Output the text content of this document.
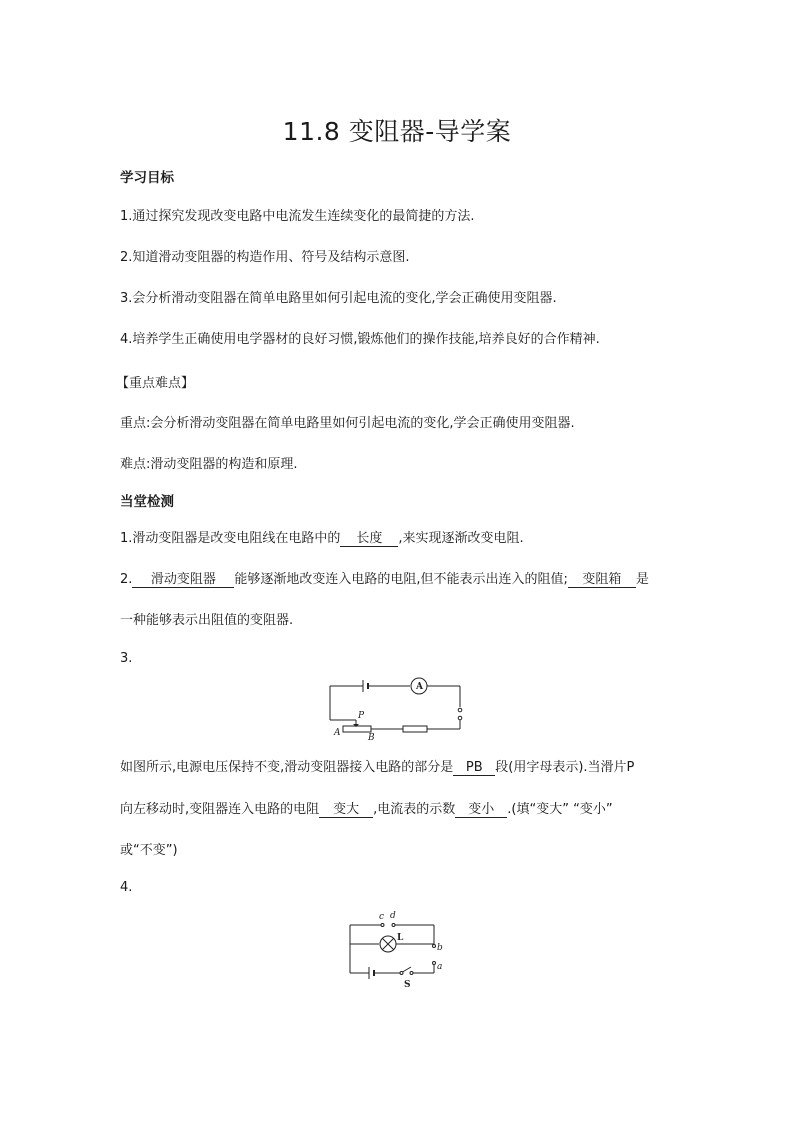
11.8 变阻器-导学案
学习目标
1.通过探究发现改变电路中电流发生连续变化的最简捷的方法.
2.知道滑动变阻器的构造作用、符号及结构示意图.
3.会分析滑动变阻器在简单电路里如何引起电流的变化,学会正确使用变阻器.
4.培养学生正确使用电学器材的良好习惯,锻炼他们的操作技能,培养良好的合作精神.
【重点难点】
重点:会分析滑动变阻器在简单电路里如何引起电流的变化,学会正确使用变阻器.
难点:滑动变阻器的构造和原理.
当堂检测
1.滑动变阻器是改变电阻线在电路中的 长度 ,来实现逐渐改变电阻.
2. 滑动变阻器 能够逐渐地改变连入电路的电阻,但不能表示出连入的阻值; 变阻箱 是
一种能够表示出阻值的变阻器.
3.
A
P
A	B
如图所示,电源电压保持不变,滑动变阻器接入电路的部分是 PB 段(用字母表示).当滑片P
向左移动时,变阻器连入电路的电阻 变大 ,电流表的示数 变小 .(填“变大” “变小”
或“不变”)
4.
c d
L
b
a
S
